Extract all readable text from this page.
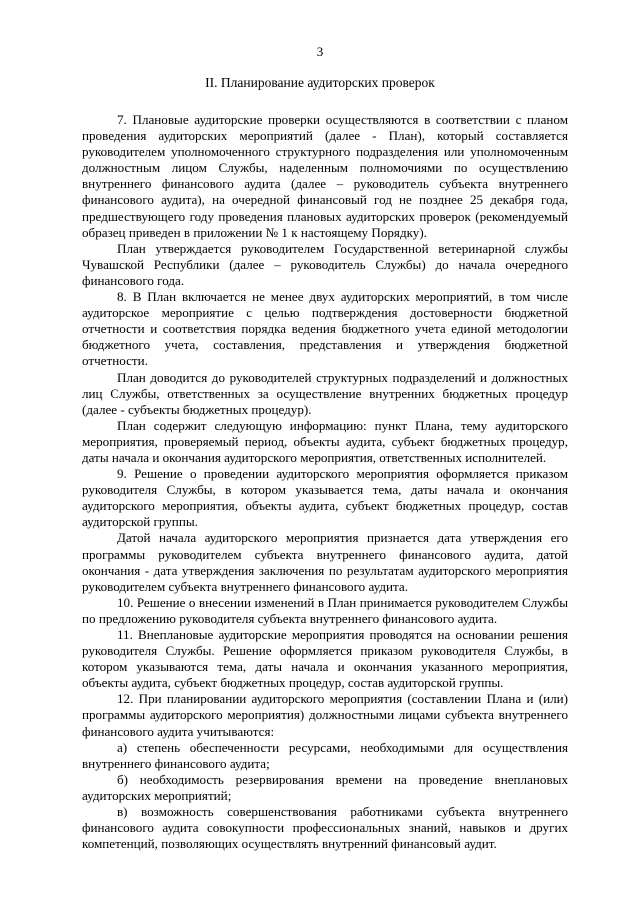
3
II. Планирование аудиторских проверок

7. Плановые аудиторские проверки осуществляются в соответствии с планом проведения аудиторских мероприятий (далее - План), который составляется руководителем уполномоченного структурного подразделения или уполномоченным должностным лицом Службы, наделенным полномочиями по осуществлению внутреннего финансового аудита (далее – руководитель субъекта внутреннего финансового аудита), на очередной финансовый год не позднее 25 декабря года, предшествующего году проведения плановых аудиторских проверок (рекомендуемый образец приведен в приложении № 1 к настоящему Порядку).

План утверждается руководителем Государственной ветеринарной службы Чувашской Республики (далее – руководитель Службы) до начала очередного финансового года.

8. В План включается не менее двух аудиторских мероприятий, в том числе аудиторское мероприятие с целью подтверждения достоверности бюджетной отчетности и соответствия порядка ведения бюджетного учета единой методологии бюджетного учета, составления, представления и утверждения бюджетной отчетности.

План доводится до руководителей структурных подразделений и должностных лиц Службы, ответственных за осуществление внутренних бюджетных процедур (далее - субъекты бюджетных процедур).

План содержит следующую информацию: пункт Плана, тему аудиторского мероприятия, проверяемый период, объекты аудита, субъект бюджетных процедур, даты начала и окончания аудиторского мероприятия, ответственных исполнителей.

9. Решение о проведении аудиторского мероприятия оформляется приказом руководителя Службы, в котором указывается тема, даты начала и окончания аудиторского мероприятия, объекты аудита, субъект бюджетных процедур, состав аудиторской группы.

Датой начала аудиторского мероприятия признается дата утверждения его программы руководителем субъекта внутреннего финансового аудита, датой окончания - дата утверждения заключения по результатам аудиторского мероприятия руководителем субъекта внутреннего финансового аудита.

10. Решение о внесении изменений в План принимается руководителем Службы по предложению руководителя субъекта внутреннего финансового аудита.

11. Внеплановые аудиторские мероприятия проводятся на основании решения руководителя Службы. Решение оформляется приказом руководителя Службы, в котором указываются тема, даты начала и окончания указанного мероприятия, объекты аудита, субъект бюджетных процедур, состав аудиторской группы.

12. При планировании аудиторского мероприятия (составлении Плана и (или) программы аудиторского мероприятия) должностными лицами субъекта внутреннего финансового аудита учитываются:

а) степень обеспеченности ресурсами, необходимыми для осуществления внутреннего финансового аудита;

б) необходимость резервирования времени на проведение внеплановых аудиторских мероприятий;

в) возможность совершенствования работниками субъекта внутреннего финансового аудита совокупности профессиональных знаний, навыков и других компетенций, позволяющих осуществлять внутренний финансовый аудит.
